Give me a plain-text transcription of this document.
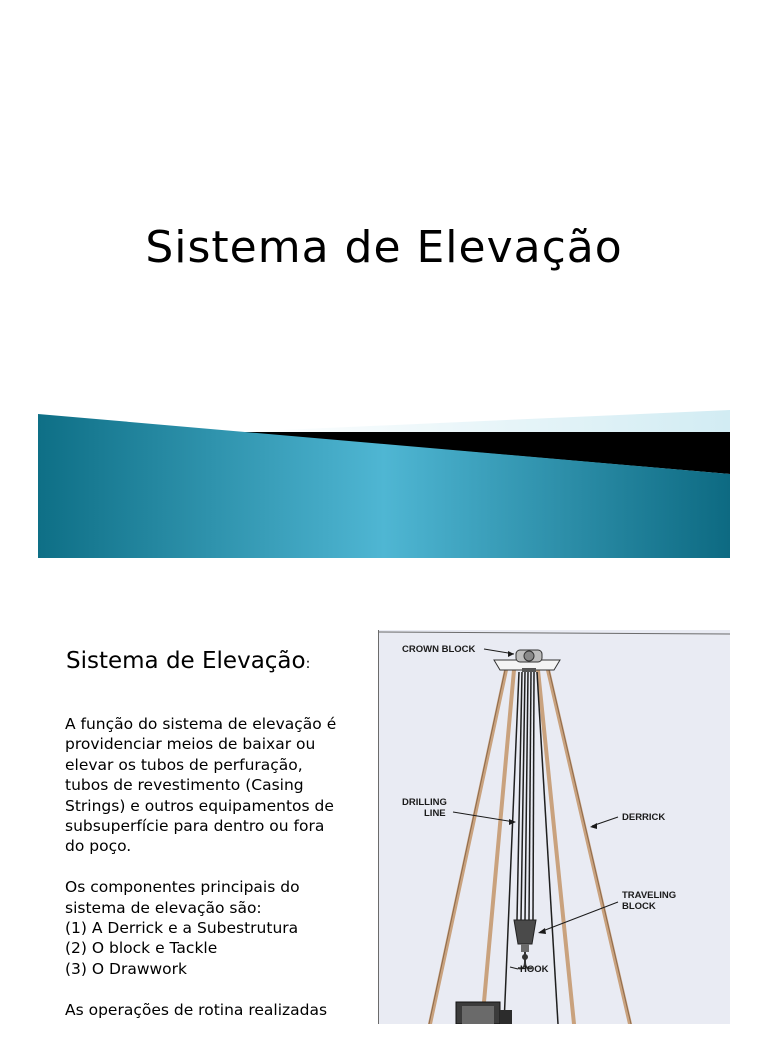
Sistema de Elevação
Sistema de Elevação:

A função do sistema de elevação é
providenciar meios de baixar ou
elevar os tubos de perfuração,
tubos de revestimento (Casing
Strings) e outros equipamentos de
subsuperfície para dentro ou fora
do poço.

Os componentes principais do
sistema de elevação são:
(1) A Derrick e a Subestrutura
(2) O block e Tackle
(3) O Drawwork

As operações de rotina realizadas

CROWN BLOCK
DRILLING
LINE	DERRICK
TRAVELING
BLOCK
HOOK
